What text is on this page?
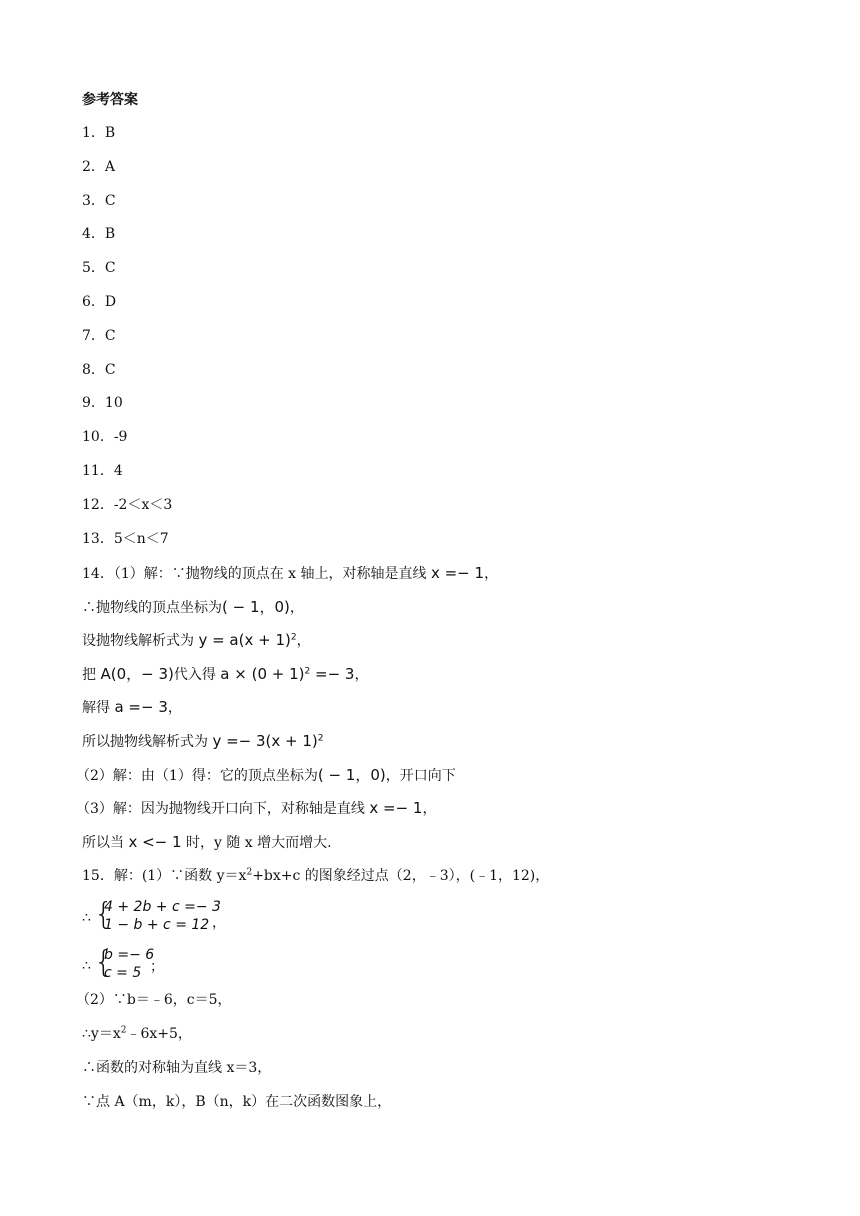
参考答案
1．B
2．A
3．C
4．B
5．C
6．D
7．C
8．C
9．10
10．-9
11．4
12．-2＜x＜3
13．5＜n＜7
14．（1）解：∵抛物线的顶点在 x 轴上，对称轴是直线 x =− 1，
∴抛物线的顶点坐标为( − 1，0)，
设抛物线解析式为 $y = a(x + 1)^2$，
把 A(0，− 3)代入得 $a \times (0 + 1)^2 =- 3$，
解得 a =− 3，
所以抛物线解析式为 $y =- 3(x + 1)^2$
（2）解：由（1）得：它的顶点坐标为( − 1，0)，开口向下
（3）解：因为抛物线开口向下，对称轴是直线 x =− 1，
所以当 x <− 1 时，y 随 x 增大而增大.
15．解：(1）∵函数 $y=x^2+bx+c$ 的图象经过点（2，﹣3），(﹣1，12)，
∴ {
4 + 2b + c =− 3
1 − b + c = 12 ，
∴ {
b =− 6
c = 5 ；
（2）∵b＝﹣6，c＝5，
$\therefore y=x^2﹣6x+5$，
∴函数的对称轴为直线 x＝3，
∵点 A（m，k），B（n，k）在二次函数图象上，
